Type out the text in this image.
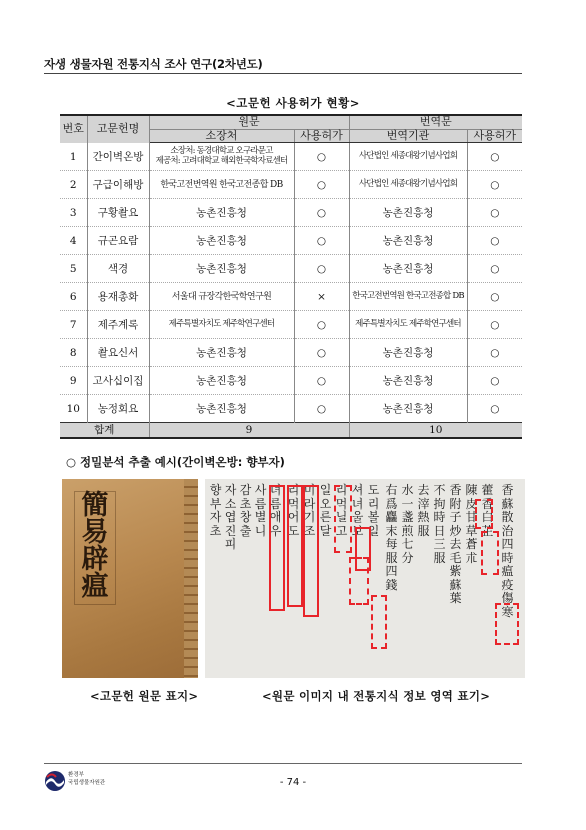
자생 생물자원 전통지식 조사 연구(2차년도)
<고문헌 사용허가 현황>
번호	고문헌명	원문		번역문	
		소장처	사용허가	번역기관	사용허가
1	간이벽온방	소장처: 동경대학교 오구라문고
제공처: 고려대학교 해외한국학자료센터	○	사단법인 세종대왕기념사업회	○
2	구급이해방	한국고전번역원 한국고전종합 DB	○	사단법인 세종대왕기념사업회	○
3	구황촬요	농촌진흥청	○	농촌진흥청	○
4	규곤요람	농촌진흥청	○	농촌진흥청	○
5	색경	농촌진흥청	○	농촌진흥청	○
6	용재총화	서울대 규장각한국학연구원	×	한국고전번역원 한국고전종합 DB	○
7	제주계록	제주특별자치도 제주학연구센터	○	제주특별자치도 제주학연구센터	○
8	촬요신서	농촌진흥청	○	농촌진흥청	○
9	고사십이집	농촌진흥청	○	농촌진흥청	○
10	농정회요	농촌진흥청	○	농촌진흥청	○
합계		9		10	
○ 정밀분석 추출 예시(간이벽온방: 향부자)
簡
易
辟
瘟
향부자초
자소엽진피
감초창출
사름별니
녀름애우
리먹어도
미라기조
일오른달
리먹닐고
셔녀울보
도리볼일
右爲麤末每服四錢
水一盞煎七分
去滓熱服
不拘時日三服
香附子炒去毛紫蘇葉
陳皮 甘草 蒼朮
藿香 白芷
香蘇散治四時瘟疫傷寒
<고문헌 원문 표지>	<원문 이미지 내 전통지식 정보 영역 표기>
환경부
국립생물자원관	- 74 -
